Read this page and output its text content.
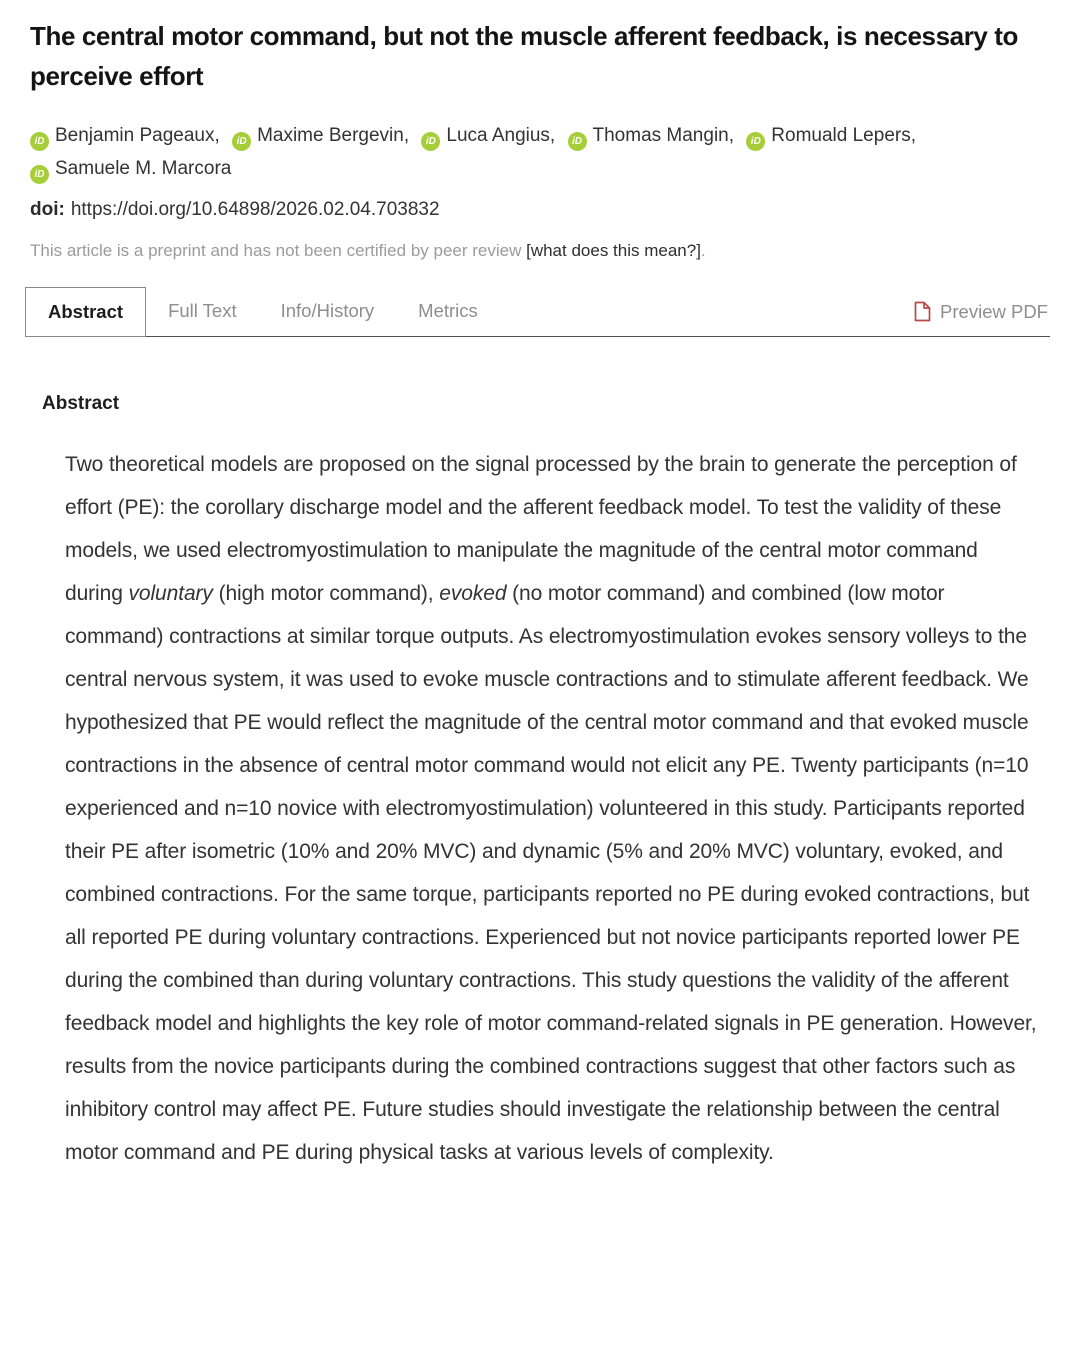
The central motor command, but not the muscle afferent feedback, is necessary to perceive effort
iD Benjamin Pageaux, iD Maxime Bergevin, iD Luca Angius, iD Thomas Mangin, iD Romuald Lepers, iD Samuele M. Marcora
doi: https://doi.org/10.64898/2026.02.04.703832
This article is a preprint and has not been certified by peer review [what does this mean?].
Abstract	Full Text	Info/History	Metrics	Preview PDF
Abstract

Two theoretical models are proposed on the signal processed by the brain to generate the perception of effort (PE): the corollary discharge model and the afferent feedback model. To test the validity of these models, we used electromyostimulation to manipulate the magnitude of the central motor command during voluntary (high motor command), evoked (no motor command) and combined (low motor command) contractions at similar torque outputs. As electromyostimulation evokes sensory volleys to the central nervous system, it was used to evoke muscle contractions and to stimulate afferent feedback. We hypothesized that PE would reflect the magnitude of the central motor command and that evoked muscle contractions in the absence of central motor command would not elicit any PE. Twenty participants (n=10 experienced and n=10 novice with electromyostimulation) volunteered in this study. Participants reported their PE after isometric (10% and 20% MVC) and dynamic (5% and 20% MVC) voluntary, evoked, and combined contractions. For the same torque, participants reported no PE during evoked contractions, but all reported PE during voluntary contractions. Experienced but not novice participants reported lower PE during the combined than during voluntary contractions. This study questions the validity of the afferent feedback model and highlights the key role of motor command-related signals in PE generation. However, results from the novice participants during the combined contractions suggest that other factors such as inhibitory control may affect PE. Future studies should investigate the relationship between the central motor command and PE during physical tasks at various levels of complexity.
